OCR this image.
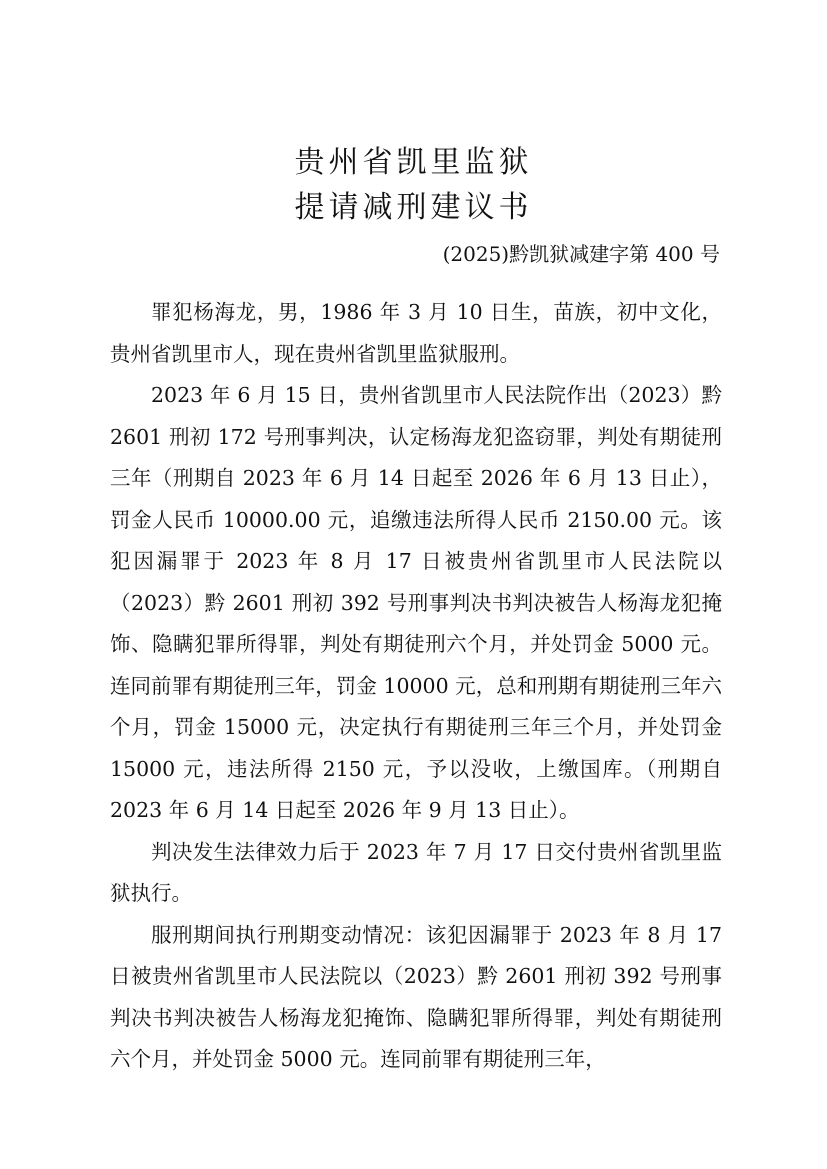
贵州省凯里监狱
提请减刑建议书
(2025)黔凯狱减建字第 400 号

罪犯杨海龙，男，1986 年 3 月 10 日生，苗族，初中文化，贵州省凯里市人，现在贵州省凯里监狱服刑。

2023 年 6 月 15 日，贵州省凯里市人民法院作出（2023）黔 2601 刑初 172 号刑事判决，认定杨海龙犯盗窃罪，判处有期徒刑三年（刑期自 2023 年 6 月 14 日起至 2026 年 6 月 13 日止），罚金人民币 10000.00 元，追缴违法所得人民币 2150.00 元。该犯因漏罪于 2023 年 8 月 17 日被贵州省凯里市人民法院以（2023）黔 2601 刑初 392 号刑事判决书判决被告人杨海龙犯掩饰、隐瞒犯罪所得罪，判处有期徒刑六个月，并处罚金 5000 元。连同前罪有期徒刑三年，罚金 10000 元，总和刑期有期徒刑三年六个月，罚金 15000 元，决定执行有期徒刑三年三个月，并处罚金 15000 元，违法所得 2150 元，予以没收，上缴国库。（刑期自 2023 年 6 月 14 日起至 2026 年 9 月 13 日止）。

判决发生法律效力后于 2023 年 7 月 17 日交付贵州省凯里监狱执行。

服刑期间执行刑期变动情况：该犯因漏罪于 2023 年 8 月 17 日被贵州省凯里市人民法院以（2023）黔 2601 刑初 392 号刑事判决书判决被告人杨海龙犯掩饰、隐瞒犯罪所得罪，判处有期徒刑六个月，并处罚金 5000 元。连同前罪有期徒刑三年，
